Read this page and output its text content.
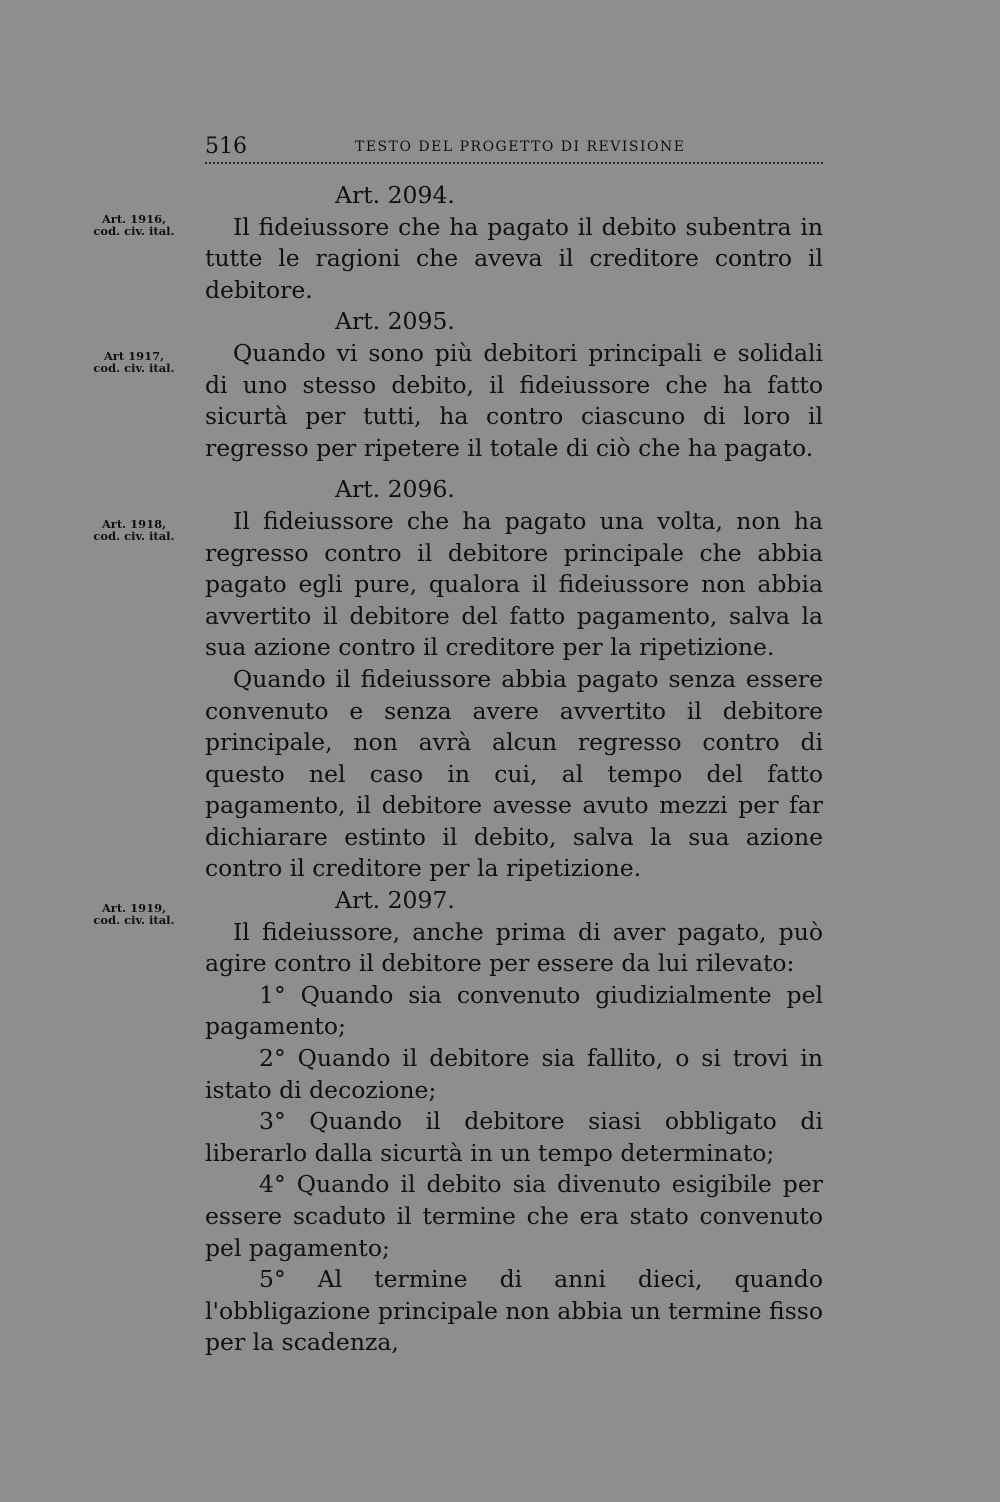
516	TESTO DEL PROGETTO DI REVISIONE
Art. 1916,
cod. civ. ital.
Art 1917,
cod. civ. ital.
Art. 1918,
cod. civ. ital.
Art. 1919,
cod. civ. ital.

Art. 2094.

Il fideiussore che ha pagato il debito subentra in tutte le ragioni che aveva il creditore contro il debitore.

Art. 2095.

Quando vi sono più debitori principali e solidali di uno stesso debito, il fideiussore che ha fatto sicurtà per tutti, ha contro ciascuno di loro il regresso per ripetere il totale di ciò che ha pagato.

Art. 2096.

Il fideiussore che ha pagato una volta, non ha regresso contro il debitore principale che abbia pagato egli pure, qualora il fideiussore non abbia avvertito il debitore del fatto pagamento, salva la sua azione contro il creditore per la ripetizione.

Quando il fideiussore abbia pagato senza essere convenuto e senza avere avvertito il debitore principale, non avrà alcun regresso contro di questo nel caso in cui, al tempo del fatto pagamento, il debitore avesse avuto mezzi per far dichiarare estinto il debito, salva la sua azione contro il creditore per la ripetizione.

Art. 2097.

Il fideiussore, anche prima di aver pagato, può agire contro il debitore per essere da lui rilevato:

1° Quando sia convenuto giudizialmente pel pagamento;

2° Quando il debitore sia fallito, o si trovi in istato di decozione;

3° Quando il debitore siasi obbligato di liberarlo dalla sicurtà in un tempo determinato;

4° Quando il debito sia divenuto esigibile per essere scaduto il termine che era stato convenuto pel pagamento;

5° Al termine di anni dieci, quando l'obbligazione principale non abbia un termine fisso per la scadenza,
